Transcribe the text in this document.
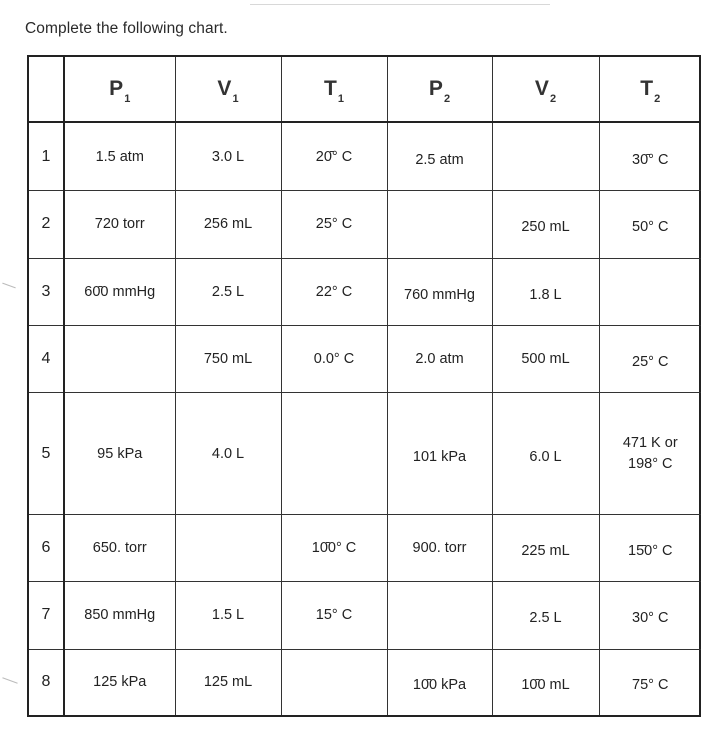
Complete the following chart.
	$P_1$	$V_1$	$T_1$	$P_2$	$V_2$	$T_2$
1	1.5 atm	3.0 L	20̄° C	2.5 atm		30̄° C
2	720 torr	256 mL	25° C		250 mL	50° C
3	60̄0 mmHg	2.5 L	22° C	760 mmHg	1.8 L	
4		750 mL	0.0° C	2.0 atm	500 mL	25° C
5	95 kPa	4.0 L		101 kPa	6.0 L	471 K or 198° C
6	650. torr		10̄0° C	900. torr	225 mL	15̄0° C
7	850 mmHg	1.5 L	15° C		2.5 L	30° C
8	125 kPa	125 mL		10̄0 kPa	10̄0 mL	75° C
